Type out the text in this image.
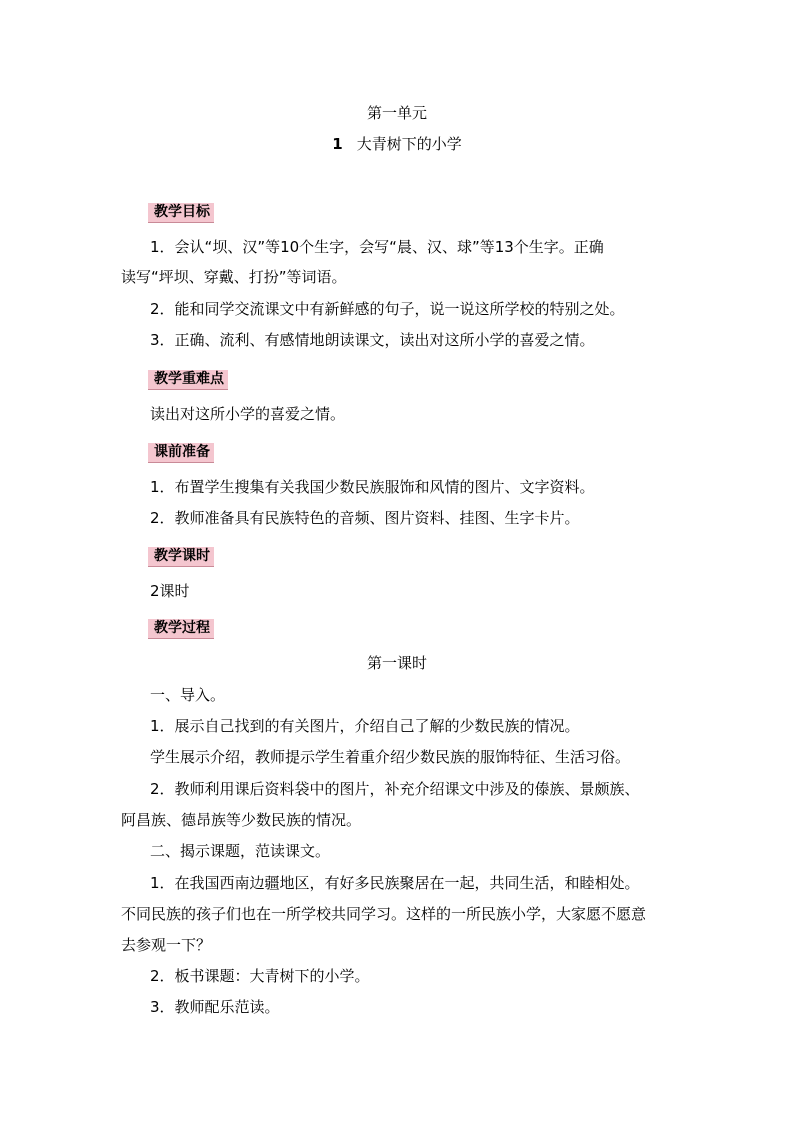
第一单元
1 大青树下的小学
教学目标
1．会认“坝、汉”等10个生字，会写“晨、汉、球”等13个生字。正确
读写“坪坝、穿戴、打扮”等词语。
2．能和同学交流课文中有新鲜感的句子，说一说这所学校的特别之处。
3．正确、流利、有感情地朗读课文，读出对这所小学的喜爱之情。
教学重难点
读出对这所小学的喜爱之情。
课前准备
1．布置学生搜集有关我国少数民族服饰和风情的图片、文字资料。
2．教师准备具有民族特色的音频、图片资料、挂图、生字卡片。
教学课时
2课时
教学过程
第一课时
一、导入。
1．展示自己找到的有关图片，介绍自己了解的少数民族的情况。
学生展示介绍，教师提示学生着重介绍少数民族的服饰特征、生活习俗。
2．教师利用课后资料袋中的图片，补充介绍课文中涉及的傣族、景颇族、
阿昌族、德昂族等少数民族的情况。
二、揭示课题，范读课文。
1．在我国西南边疆地区，有好多民族聚居在一起，共同生活，和睦相处。
不同民族的孩子们也在一所学校共同学习。这样的一所民族小学，大家愿不愿意
去参观一下？
2．板书课题：大青树下的小学。
3．教师配乐范读。
